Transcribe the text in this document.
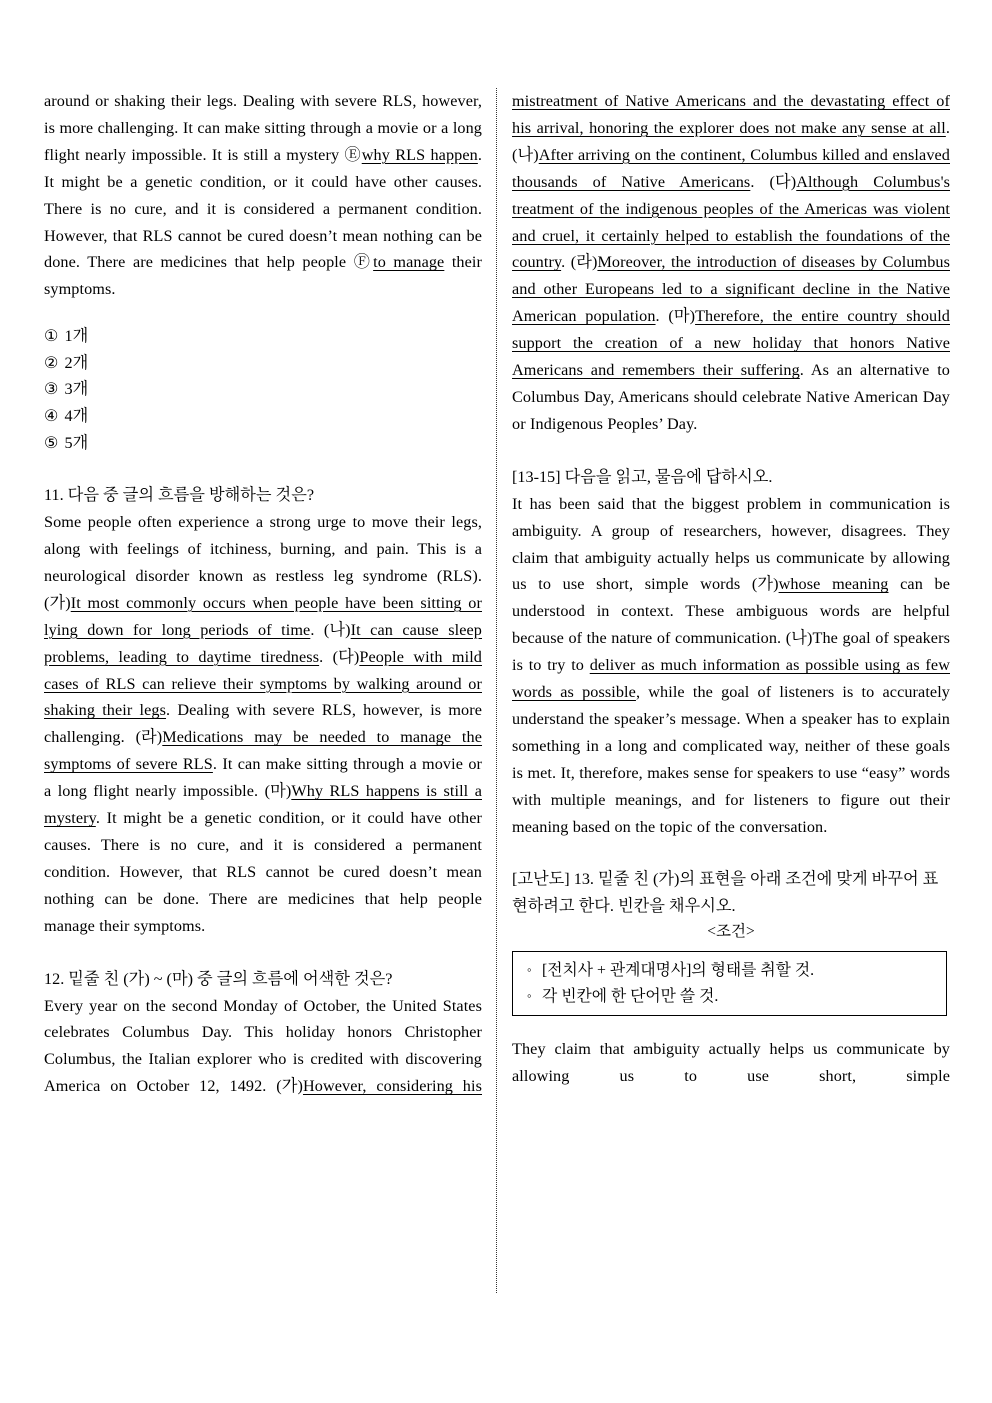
around or shaking their legs. Dealing with severe RLS, however, is more challenging. It can make sitting through a movie or a long flight nearly impossible. It is still a mystery Ⓔwhy RLS happen. It might be a genetic condition, or it could have other causes. There is no cure, and it is considered a permanent condition. However, that RLS cannot be cured doesn’t mean nothing can be done. There are medicines that help people Ⓕto manage their symptoms.

① 1개
② 2개
③ 3개
④ 4개
⑤ 5개

11. 다음 중 글의 흐름을 방해하는 것은?

Some people often experience a strong urge to move their legs, along with feelings of itchiness, burning, and pain. This is a neurological disorder known as restless leg syndrome (RLS). (가)It most commonly occurs when people have been sitting or lying down for long periods of time. (나)It can cause sleep problems, leading to daytime tiredness. (다)People with mild cases of RLS can relieve their symptoms by walking around or shaking their legs. Dealing with severe RLS, however, is more challenging. (라)Medications may be needed to manage the symptoms of severe RLS. It can make sitting through a movie or a long flight nearly impossible. (마)Why RLS happens is still a mystery. It might be a genetic condition, or it could have other causes. There is no cure, and it is considered a permanent condition. However, that RLS cannot be cured doesn’t mean nothing can be done. There are medicines that help people manage their symptoms.

12. 밑줄 친 (가) ~ (마) 중 글의 흐름에 어색한 것은?

Every year on the second Monday of October, the United States celebrates Columbus Day. This holiday honors Christopher Columbus, the Italian explorer who is credited with discovering America on October 12, 1492. (가)However, considering his

mistreatment of Native Americans and the devastating effect of his arrival, honoring the explorer does not make any sense at all. (나)After arriving on the continent, Columbus killed and enslaved thousands of Native Americans. (다)Although Columbus's treatment of the indigenous peoples of the Americas was violent and cruel, it certainly helped to establish the foundations of the country. (라)Moreover, the introduction of diseases by Columbus and other Europeans led to a significant decline in the Native American population. (마)Therefore, the entire country should support the creation of a new holiday that honors Native Americans and remembers their suffering. As an alternative to Columbus Day, Americans should celebrate Native American Day or Indigenous Peoples’ Day.

[13-15] 다음을 읽고, 물음에 답하시오.

It has been said that the biggest problem in communication is ambiguity. A group of researchers, however, disagrees. They claim that ambiguity actually helps us communicate by allowing us to use short, simple words (가)whose meaning can be understood in context. These ambiguous words are helpful because of the nature of communication. (나)The goal of speakers is to try to deliver as much information as possible using as few words as possible, while the goal of listeners is to accurately understand the speaker’s message. When a speaker has to explain something in a long and complicated way, neither of these goals is met. It, therefore, makes sense for speakers to use “easy” words with multiple meanings, and for listeners to figure out their meaning based on the topic of the conversation.

[고난도] 13. 밑줄 친 (가)의 표현을 아래 조건에 맞게 바꾸어 표현하려고 한다. 빈칸을 채우시오.

<조건>

◦ [전치사 + 관계대명사]의 형태를 취할 것.
◦ 각 빈칸에 한 단어만 쓸 것.

They claim that ambiguity actually helps us communicate by allowing us to use short, simple
